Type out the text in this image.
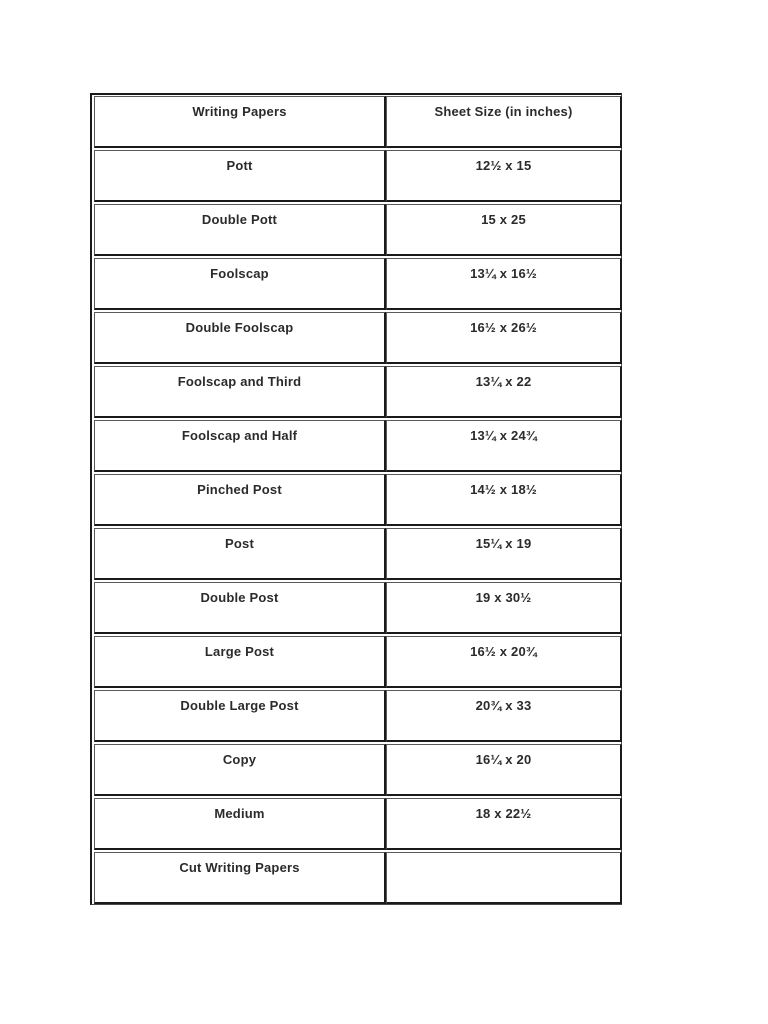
Writing Papers	Sheet Size (in inches)
Pott	12½ x 15
Double Pott	15 x 25
Foolscap	13¼ x 16½
Double Foolscap	16½ x 26½
Foolscap and Third	13¼ x 22
Foolscap and Half	13¼ x 24¾
Pinched Post	14½ x 18½
Post	15¼ x 19
Double Post	19 x 30½
Large Post	16½ x 20¾
Double Large Post	20¾ x 33
Copy	16¼ x 20
Medium	18 x 22½
Cut Writing Papers
